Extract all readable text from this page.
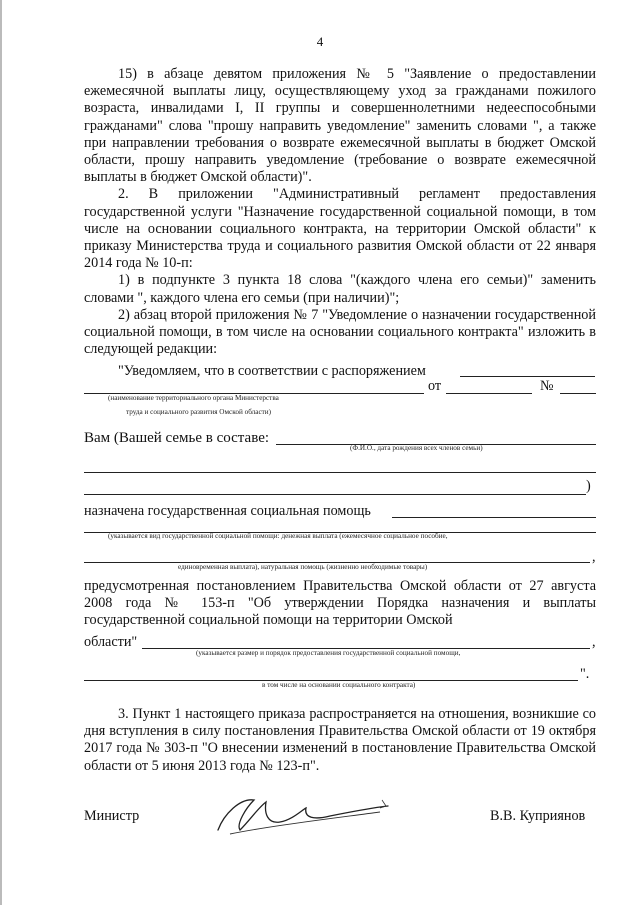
4

15) в абзаце девятом приложения № 5 "Заявление о предоставлении ежемесячной выплаты лицу, осуществляющему уход за гражданами пожилого возраста, инвалидами I, II группы и совершеннолетними недееспособными гражданами" слова "прошу направить уведомление" заменить словами ", а также при направлении требования о возврате ежемесячной выплаты в бюджет Омской области, прошу направить уведомление (требование о возврате ежемесячной выплаты в бюджет Омской области)".

2. В приложении "Административный регламент предоставления государственной услуги "Назначение государственной социальной помощи, в том числе на основании социального контракта, на территории Омской области" к приказу Министерства труда и социального развития Омской области от 22 января 2014 года № 10-п:

1) в подпункте 3 пункта 18 слова "(каждого члена его семьи)" заменить словами ", каждого члена его семьи (при наличии)";

2) абзац второй приложения № 7 "Уведомление о назначении государственной социальной помощи, в том числе на основании социального контракта" изложить в следующей редакции:

"Уведомляем, что в соответствии с распоряжением
от	№
(наименование территориального органа Министерства
труда и социального развития Омской области)
Вам (Вашей семье в составе:
(Ф.И.О., дата рождения всех членов семьи)
)
назначена государственная социальная помощь
(указывается вид государственной социальной помощи: денежная выплата (ежемесячное социальное пособие,
,
единовременная выплата), натуральная помощь (жизненно необходимые товары)

предусмотренная постановлением Правительства Омской области от 27 августа 2008 года № 153-п "Об утверждении Порядка назначения и выплаты государственной социальной помощи на территории Омской

области"	,
(указывается размер и порядок предоставления государственной социальной помощи,
".
в том числе на основании социального контракта)

3. Пункт 1 настоящего приказа распространяется на отношения, возникшие со дня вступления в силу постановления Правительства Омской области от 19 октября 2017 года № 303-п "О внесении изменений в постановление Правительства Омской области от 5 июня 2013 года № 123-п".

Министр	В.В. Куприянов
